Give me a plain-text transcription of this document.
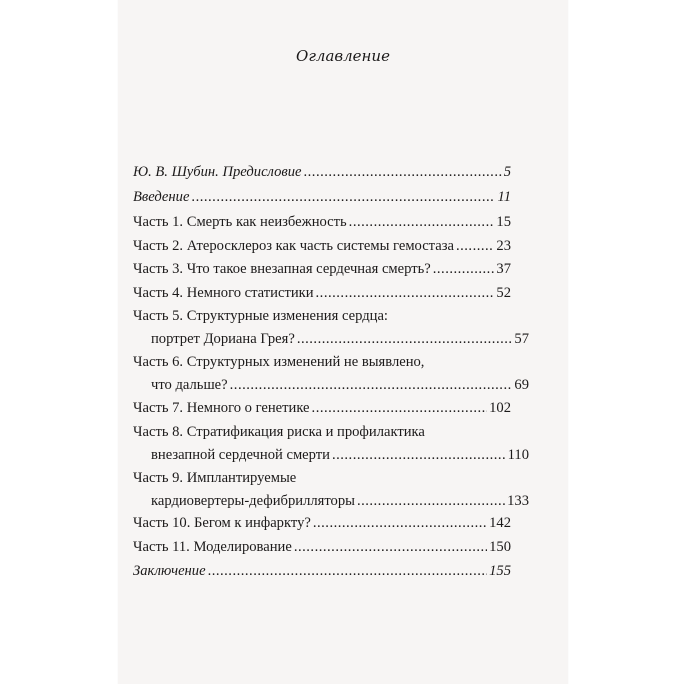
Оглавление
Ю. В. Шубин. Предисловие .....	5
Введение .....	11
Часть 1. Смерть как неизбежность .....	15
Часть 2. Атеросклероз как часть системы гемостаза .....	23
Часть 3. Что такое внезапная сердечная смерть? .....	37
Часть 4. Немного статистики .....	52
Часть 5. Структурные изменения сердца:
портрет Дориана Грея? .....	57
Часть 6. Структурных изменений не выявлено,
что дальше? .....	69
Часть 7. Немного о генетике .....	102
Часть 8. Стратификация риска и профилактика
внезапной сердечной смерти .....	110
Часть 9. Имплантируемые
кардиовертеры-дефибрилляторы .....	133
Часть 10. Бегом к инфаркту? .....	142
Часть 11. Моделирование .....	150
Заключение .....	155
